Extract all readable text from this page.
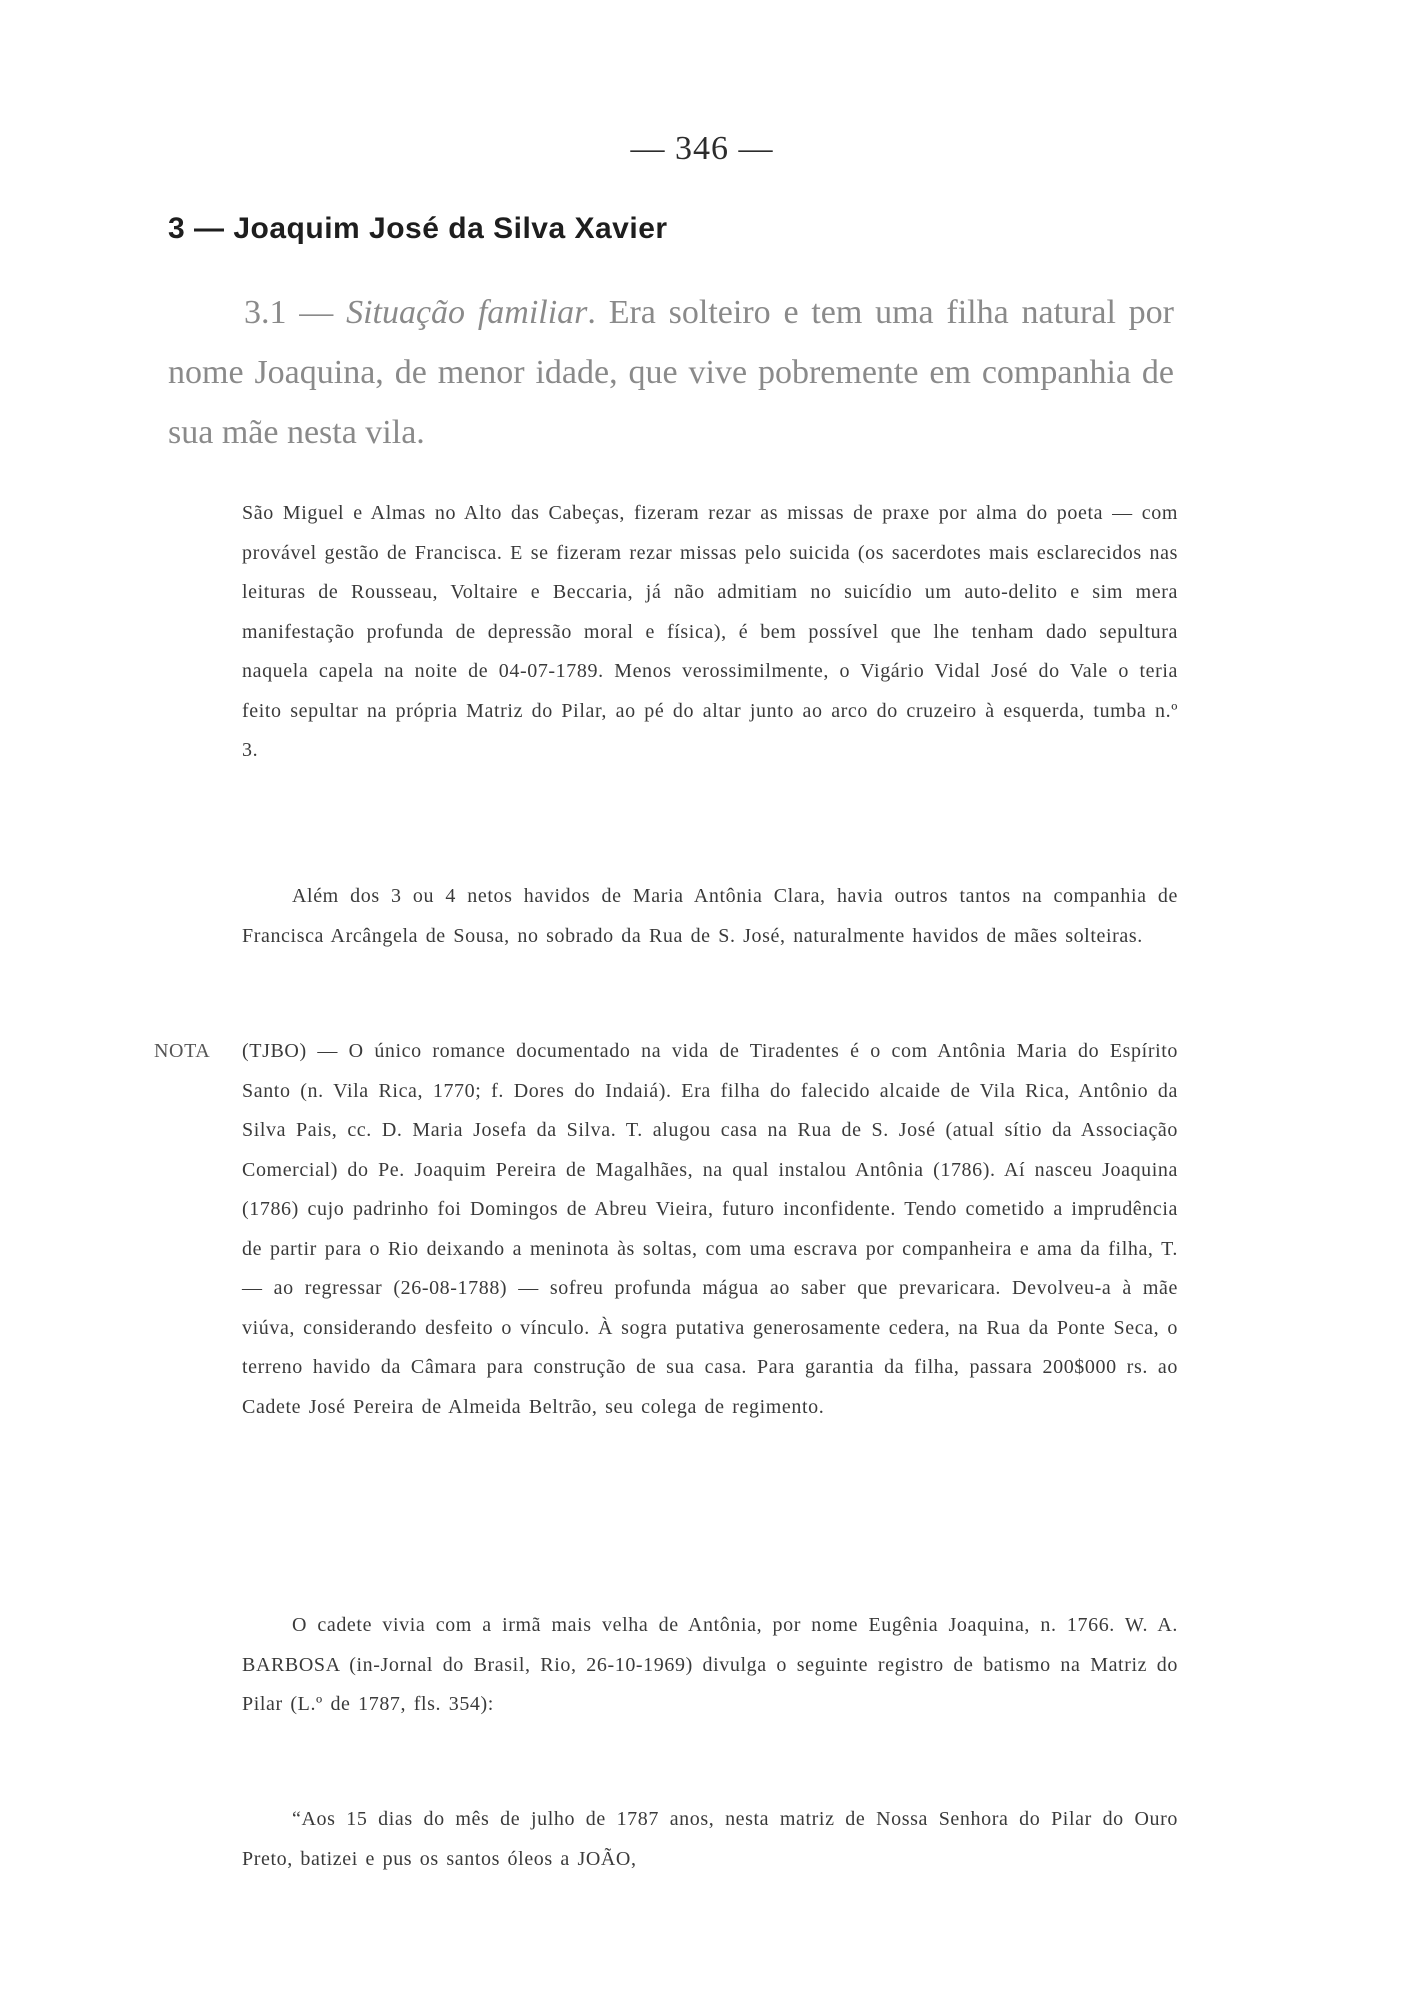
— 346 —
3 — Joaquim José da Silva Xavier
3.1 — Situação familiar. Era solteiro e tem uma filha natural por nome Joaquina, de menor idade, que vive pobremente em companhia de sua mãe nesta vila.
São Miguel e Almas no Alto das Cabeças, fizeram rezar as missas de praxe por alma do poeta — com provável gestão de Francisca. E se fizeram rezar missas pelo suicida (os sacerdotes mais esclarecidos nas leituras de Rousseau, Voltaire e Beccaria, já não admitiam no suicídio um auto-delito e sim mera manifestação profunda de depressão moral e física), é bem possível que lhe tenham dado sepultura naquela capela na noite de 04-07-1789. Menos verossimilmente, o Vigário Vidal José do Vale o teria feito sepultar na própria Matriz do Pilar, ao pé do altar junto ao arco do cruzeiro à esquerda, tumba n.º 3.
Além dos 3 ou 4 netos havidos de Maria Antônia Clara, havia outros tantos na companhia de Francisca Arcângela de Sousa, no sobrado da Rua de S. José, naturalmente havidos de mães solteiras.
NOTA (TJBO) — O único romance documentado na vida de Tiradentes é o com Antônia Maria do Espírito Santo (n. Vila Rica, 1770; f. Dores do Indaiá). Era filha do falecido alcaide de Vila Rica, Antônio da Silva Pais, cc. D. Maria Josefa da Silva. T. alugou casa na Rua de S. José (atual sítio da Associação Comercial) do Pe. Joaquim Pereira de Magalhães, na qual instalou Antônia (1786). Aí nasceu Joaquina (1786) cujo padrinho foi Domingos de Abreu Vieira, futuro inconfidente. Tendo cometido a imprudência de partir para o Rio deixando a meninota às soltas, com uma escrava por companheira e ama da filha, T. — ao regressar (26-08-1788) — sofreu profunda mágua ao saber que prevaricara. Devolveu-a à mãe viúva, considerando desfeito o vínculo. À sogra putativa generosamente cedera, na Rua da Ponte Seca, o terreno havido da Câmara para construção de sua casa. Para garantia da filha, passara 200$000 rs. ao Cadete José Pereira de Almeida Beltrão, seu colega de regimento.
O cadete vivia com a irmã mais velha de Antônia, por nome Eugênia Joaquina, n. 1766. W. A. BARBOSA (in-Jornal do Brasil, Rio, 26-10-1969) divulga o seguinte registro de batismo na Matriz do Pilar (L.º de 1787, fls. 354):
“Aos 15 dias do mês de julho de 1787 anos, nesta matriz de Nossa Senhora do Pilar do Ouro Preto, batizei e pus os santos óleos a JOÃO,
